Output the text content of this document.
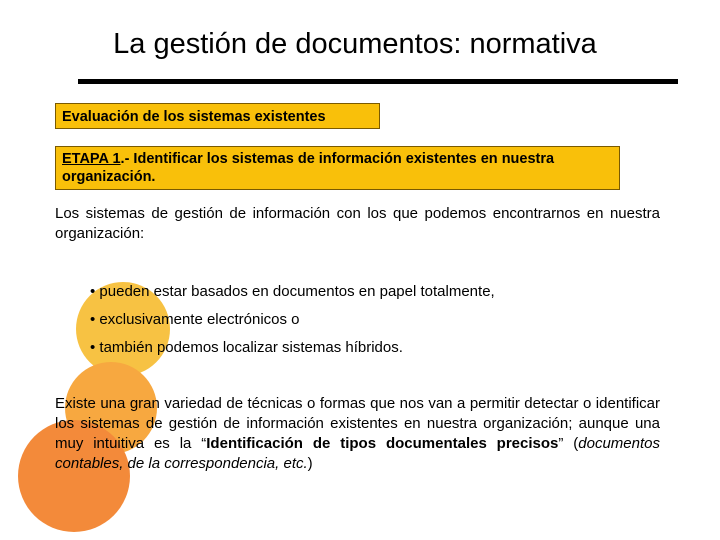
La gestión de documentos: normativa
Evaluación de los sistemas existentes
ETAPA 1.- Identificar los sistemas de información existentes en nuestra organización.
Los sistemas de gestión de información con los que podemos encontrarnos en nuestra organización:

• pueden estar basados en documentos en papel totalmente,

• exclusivamente electrónicos o

• también podemos localizar sistemas híbridos.

Existe una gran variedad de técnicas o formas que nos van a permitir detectar o identificar los sistemas de gestión de información existentes en nuestra organización; aunque una muy intuitiva es la “Identificación de tipos documentales precisos” (documentos contables, de la correspondencia, etc.)
